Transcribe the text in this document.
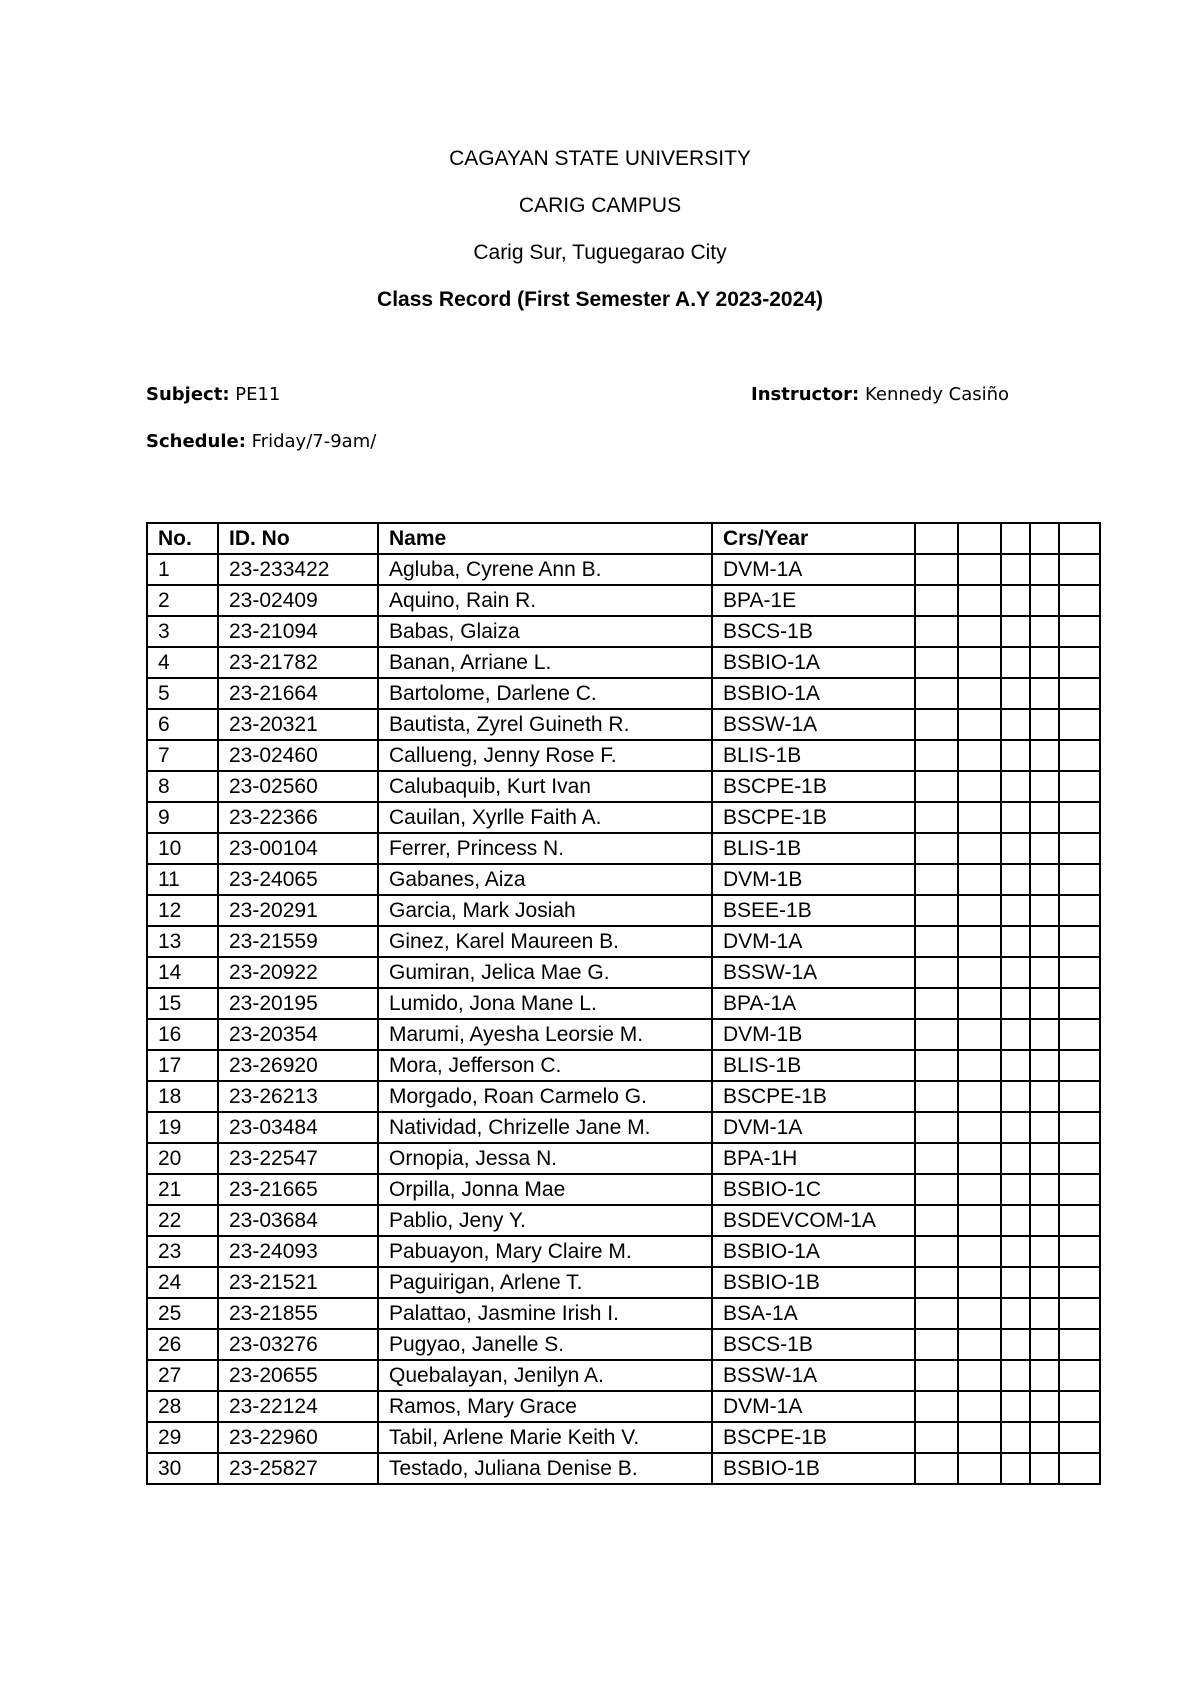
CAGAYAN STATE UNIVERSITY
CARIG CAMPUS
Carig Sur, Tuguegarao City
Class Record (First Semester A.Y 2023-2024)
Subject: PE11	Instructor: Kennedy Casiño
Schedule: Friday/7-9am/
No.	ID. No	Name	Crs/Year					
1	23-233422	Agluba, Cyrene Ann B.	DVM-1A					
2	23-02409	Aquino, Rain R.	BPA-1E					
3	23-21094	Babas, Glaiza	BSCS-1B					
4	23-21782	Banan, Arriane L.	BSBIO-1A					
5	23-21664	Bartolome, Darlene C.	BSBIO-1A					
6	23-20321	Bautista, Zyrel Guineth R.	BSSW-1A					
7	23-02460	Callueng, Jenny Rose F.	BLIS-1B					
8	23-02560	Calubaquib, Kurt Ivan	BSCPE-1B					
9	23-22366	Cauilan, Xyrlle Faith A.	BSCPE-1B					
10	23-00104	Ferrer, Princess N.	BLIS-1B					
11	23-24065	Gabanes, Aiza	DVM-1B					
12	23-20291	Garcia, Mark Josiah	BSEE-1B					
13	23-21559	Ginez, Karel Maureen B.	DVM-1A					
14	23-20922	Gumiran, Jelica Mae G.	BSSW-1A					
15	23-20195	Lumido, Jona Mane L.	BPA-1A					
16	23-20354	Marumi, Ayesha Leorsie M.	DVM-1B					
17	23-26920	Mora, Jefferson C.	BLIS-1B					
18	23-26213	Morgado, Roan Carmelo G.	BSCPE-1B					
19	23-03484	Natividad, Chrizelle Jane M.	DVM-1A					
20	23-22547	Ornopia, Jessa N.	BPA-1H					
21	23-21665	Orpilla, Jonna Mae	BSBIO-1C					
22	23-03684	Pablio, Jeny Y.	BSDEVCOM-1A					
23	23-24093	Pabuayon, Mary Claire M.	BSBIO-1A					
24	23-21521	Paguirigan, Arlene T.	BSBIO-1B					
25	23-21855	Palattao, Jasmine Irish I.	BSA-1A					
26	23-03276	Pugyao, Janelle S.	BSCS-1B					
27	23-20655	Quebalayan, Jenilyn A.	BSSW-1A					
28	23-22124	Ramos, Mary Grace	DVM-1A					
29	23-22960	Tabil, Arlene Marie Keith V.	BSCPE-1B					
30	23-25827	Testado, Juliana Denise B.	BSBIO-1B					
